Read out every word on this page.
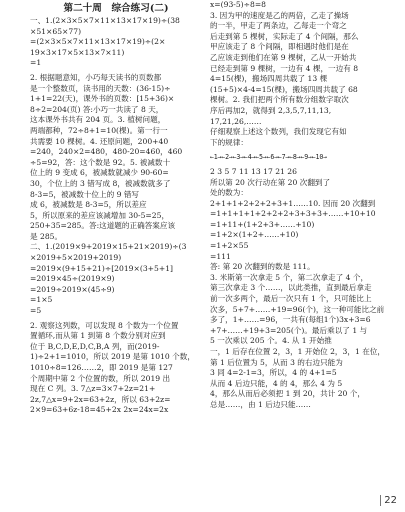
第二十周　综合练习(二)
一、1.(2×3×5×7×11×13×17×19)÷(38
×51×65×77)
=(2×3×5×7×11×13×17×19)÷(2×
19×3×17×5×13×7×11)
=1
2. 根据题意知，小巧每天读书的页数都
是一个整数页，读书用的天数：(36-15)÷
1+1=22(天)，课外书的页数：[15+36)×
8÷2=204(页) 答:小巧一共读了 8 天，
这本课外书共有 204 页。3. 植树问题，
两端都种，72÷8+1=10(棵)。第一行一
共需要 10 棵树。4. 还原问题，200+40
=240，240×2=480，480-20=460，460
÷5=92，答：这个数是 92。5. 被减数十
位上的 9 变成 6，被减数就减少 90-60=
30，个位上的 3 错写成 8，被减数就多了
8-3=5，被减数十位上的 9 错写
成 6，被减数是 8-3=5，所以差应
5，所以原来的差应该减增加 30-5=25，
250+35=285。答:这道题的正确答案应该
是 285。
二、1.(2019×9+2019×15+21×2019)÷(3
×2019+5×2019+2019)
=2019×(9+15+21)÷[2019×(3+5+1]
=2019×45÷(2019×9)
=2019÷2019×(45÷9)
=1×5
=5
2. 观察这列数，可以发现 8 个数为一个位置
置循环,而从第 1 到第 8 个数分别对应到
位于 B,C,D,E,D,C,B,A 列，而(2019-
1)÷2+1=1010，所以 2019 是第 1010 个数，
1010÷8=126……2，即 2019 是第 127
个周期中第 2 个位置的数，所以 2019 出
现在 C 列。3. 7△z=3×7+2z=21+
2z,7△x=9+2x=63+2z，所以 63+2z=
2×9=63+6z-18=45+2x 2x=24x=2x
x=(93-5)÷8=8
3. 因为甲的速度是乙的两倍，乙走了操场
的一半，甲走了两条边，乙每走一个弯之
后走到第 5 棵树，实际走了 4 个间隔，那么
甲应该走了 8 个间隔，即相遇时他们是在
乙应该走到他们在第 9 棵树，乙从一开始共
已经走到第 9 棵树，一边有 4 棵，一边有 8
4=15(棵)，搬场四周共载了 13 棵
(15+5)×4-4=15(棵)，搬场四周共载了 68
棵树。2. 我们把两个所有数分组数字取次
序后再加2，就得到 2,3,5,7,11,13,
17,21,26,……
仔细观察上述这个数列，我们发现它有如
下的规律：
←1→←2→←3→←4→←5→←6→←7→←8→←9→←10→
2 3 5 7 11 13 17 21 26
所以第 20 次行动在第 20 次翻到了
处的数为：
2+1+1+2+2+2+3+1……10. 因而 20 次翻到
=1+1+1+1+2+2+2+3+3+3+……+10+10
=1+11+(1+2+3+……+10)
=1+2×(1+2+……+10)
=1+2×55
=111
答: 第 20 次翻到的数是 111。
3. 米斯第一次拿走 5 个，第二次拿走了 4 个，
第三次拿走 3 个……，以此类推，直到最后拿走
前一次多两个，最后一次只有 1 个，只可能比上
次多，5+7+……+19=96(个)，这一种可能比之前
多了，1+……=96，一共有(每组1个)3x+3=6
+7+……+19+3=205(个)。最后乘以了 1 与
5 一次乘以 205 个。4. 从 1 开始推
一，1 后存在位置 2，3，1 开始位 2，3，1 在位，
第 1 后位置为 5，从而 3 的右边只能为
3 同 4=2-1=3，所以，4 的 4+1=5
从而 4 后边只能，4 的 4，那么 4 为 5
4，那么从而后必须把 1 到 20，共计 20 个，
总是……，由 1 后边只能……
22
